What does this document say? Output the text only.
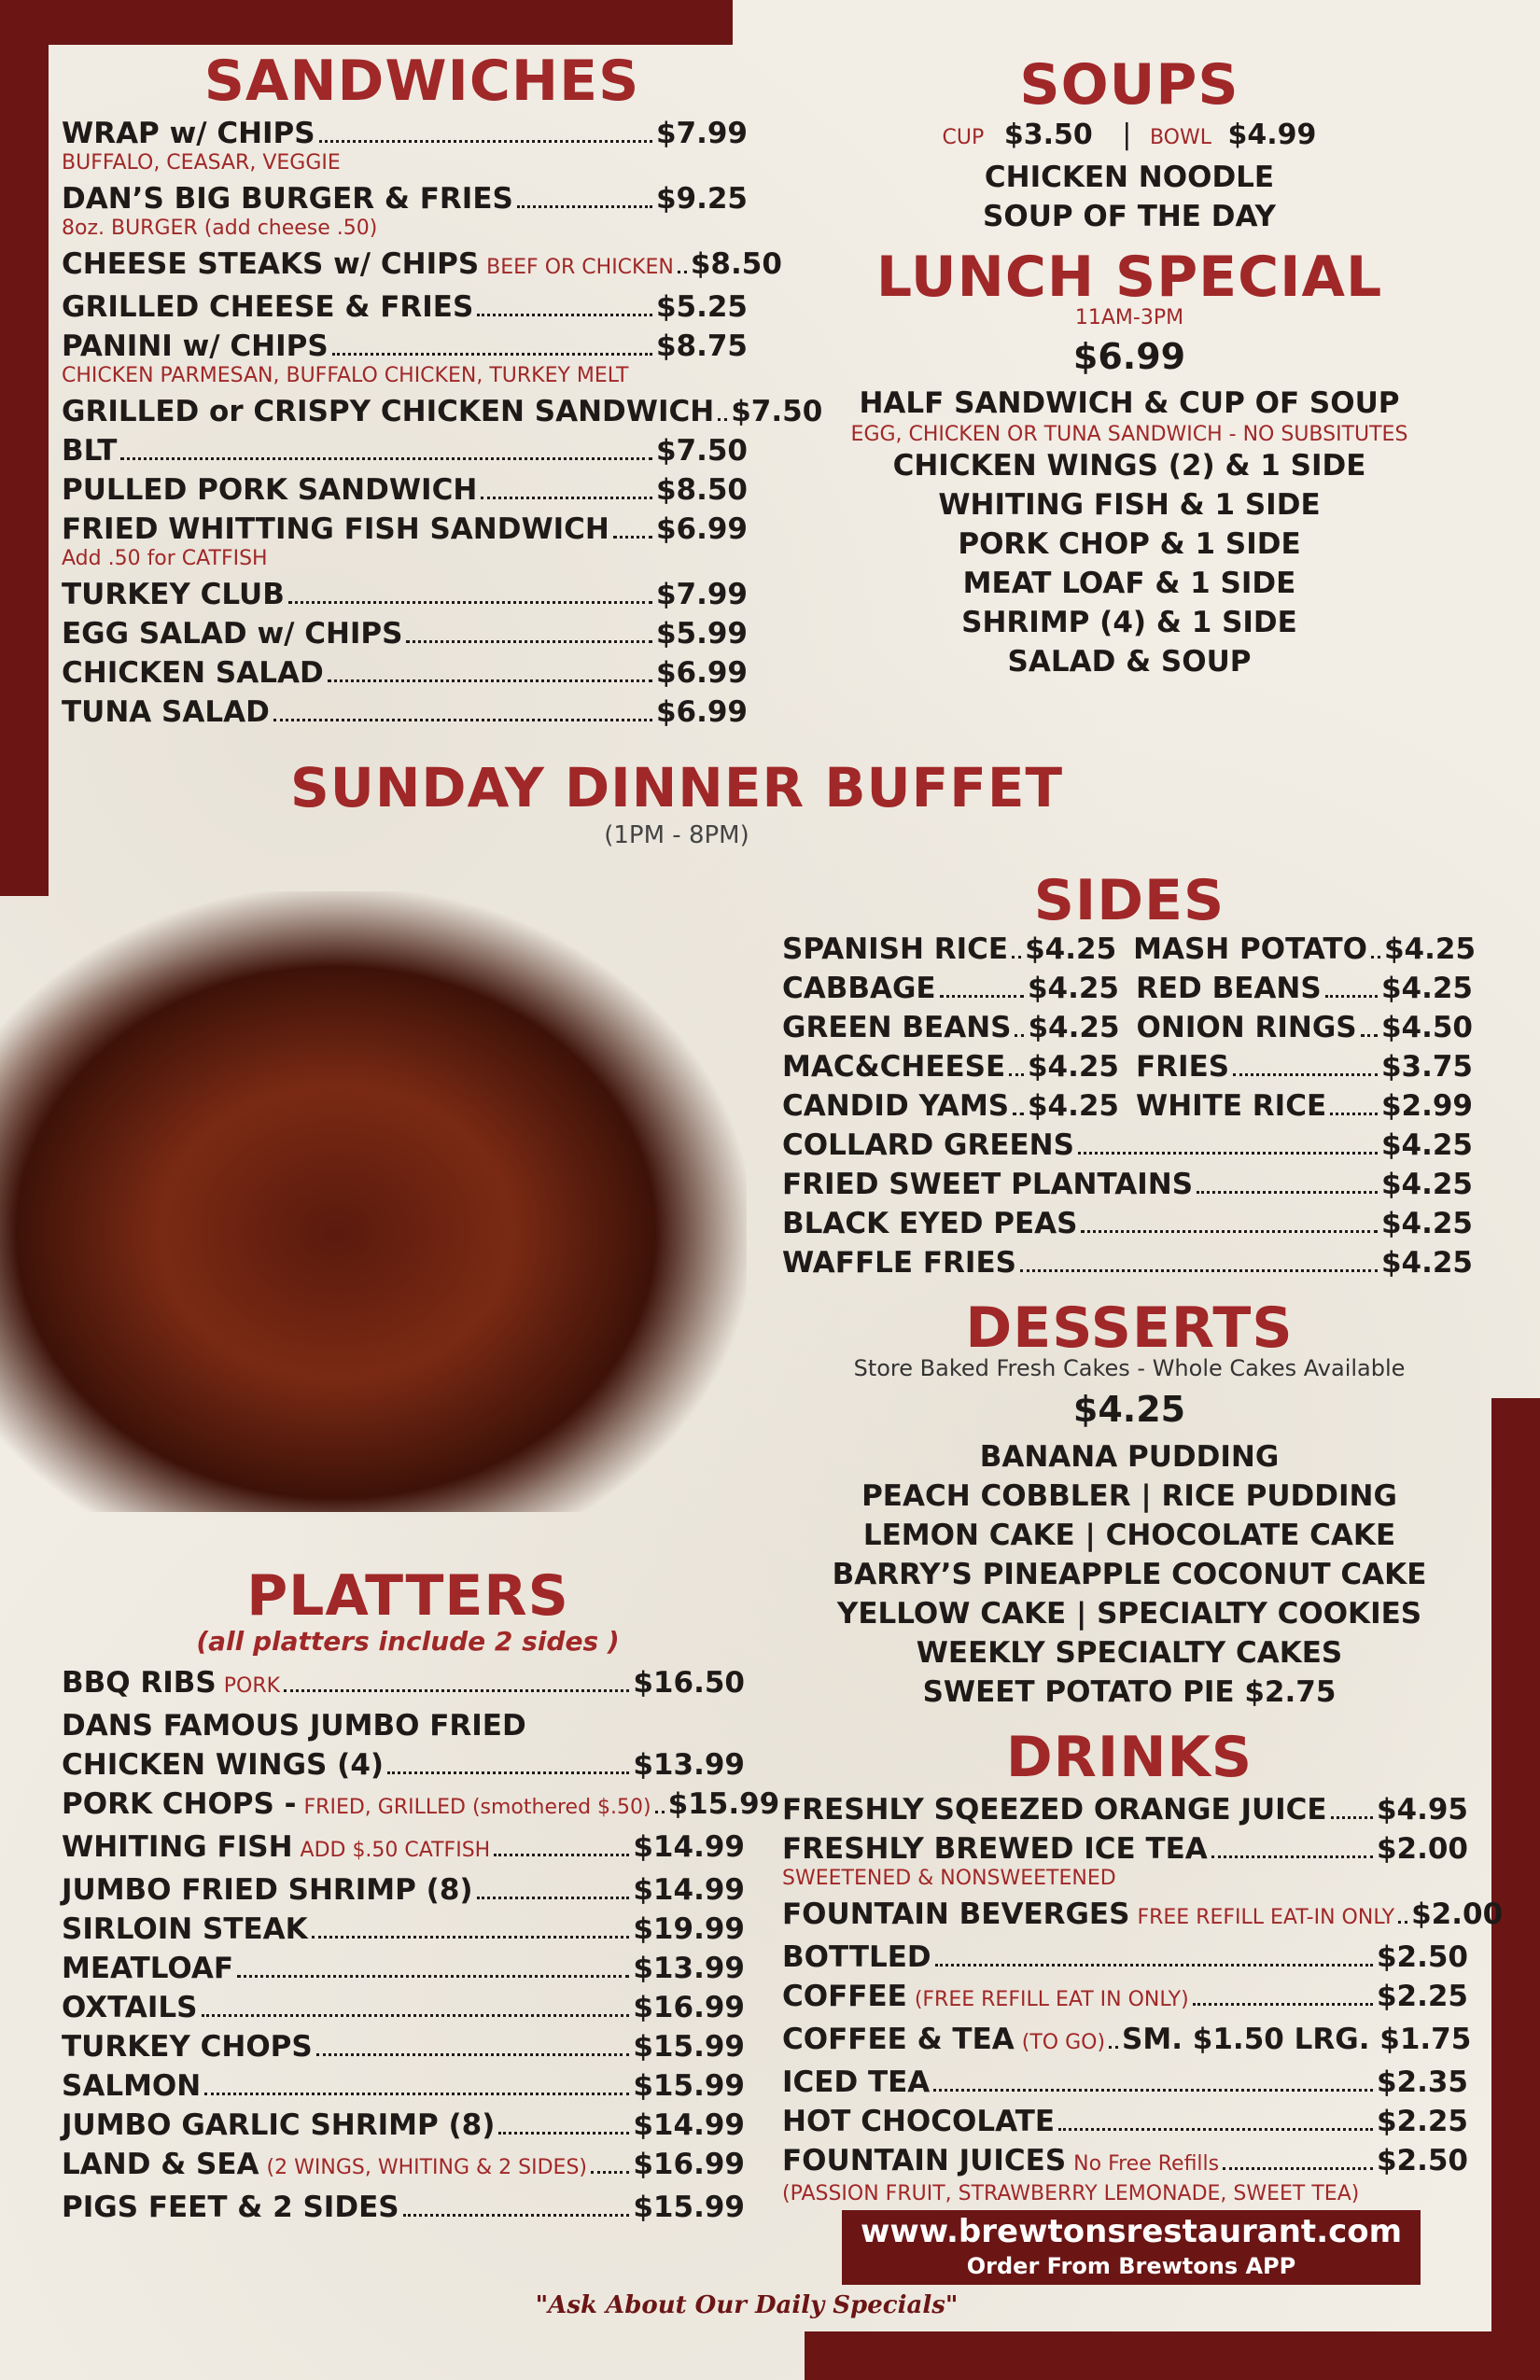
SANDWICHES
WRAP w/ CHIPS	$7.99
BUFFALO, CEASAR, VEGGIE
DAN’S BIG BURGER & FRIES	$9.25
8oz. BURGER (add cheese .50)
CHEESE STEAKS w/ CHIPS BEEF OR CHICKEN $8.50
GRILLED CHEESE & FRIES	$5.25
PANINI w/ CHIPS	$8.75
CHICKEN PARMESAN, BUFFALO CHICKEN, TURKEY MELT
GRILLED or CRISPY CHICKEN SANDWICH $7.50
BLT	$7.50
PULLED PORK SANDWICH	$8.50
FRIED WHITTING FISH SANDWICH $6.99
Add .50 for CATFISH
TURKEY CLUB	$7.99
EGG SALAD w/ CHIPS	$5.99
CHICKEN SALAD	$6.99
TUNA SALAD	$6.99
SOUPS
CUP $3.50 | BOWL $4.99
CHICKEN NOODLE
SOUP OF THE DAY
LUNCH SPECIAL
11AM-3PM
$6.99
HALF SANDWICH & CUP OF SOUP
EGG, CHICKEN OR TUNA SANDWICH - NO SUBSITUTES
CHICKEN WINGS (2) & 1 SIDE
WHITING FISH & 1 SIDE
PORK CHOP & 1 SIDE
MEAT LOAF & 1 SIDE
SHRIMP (4) & 1 SIDE
SALAD & SOUP
SUNDAY DINNER BUFFET
(1PM - 8PM)
SIDES
SPANISH RICE $4.25 MASH POTATO $4.25
CABBAGE	$4.25 RED BEANS $4.25
GREEN BEANS $4.25 ONION RINGS $4.50
MAC&CHEESE $4.25 FRIES	$3.75
CANDID YAMS $4.25 WHITE RICE $2.99
COLLARD GREENS	$4.25
FRIED SWEET PLANTAINS	$4.25
BLACK EYED PEAS	$4.25
WAFFLE FRIES	$4.25
DESSERTS
Store Baked Fresh Cakes - Whole Cakes Available
$4.25
BANANA PUDDING
PEACH COBBLER | RICE PUDDING
LEMON CAKE | CHOCOLATE CAKE
BARRY’S PINEAPPLE COCONUT CAKE
YELLOW CAKE | SPECIALTY COOKIES
WEEKLY SPECIALTY CAKES
SWEET POTATO PIE $2.75
PLATTERS
(all platters include 2 sides )
BBQ RIBS PORK	$16.50
DANS FAMOUS JUMBO FRIED
CHICKEN WINGS (4)	$13.99
PORK CHOPS - FRIED, GRILLED (smothered $.50) $15.99
WHITING FISH ADD $.50 CATFISH	$14.99
JUMBO FRIED SHRIMP (8)	$14.99
SIRLOIN STEAK	$19.99
MEATLOAF	$13.99
OXTAILS	$16.99
TURKEY CHOPS	$15.99
SALMON	$15.99
JUMBO GARLIC SHRIMP (8)	$14.99
LAND & SEA (2 WINGS, WHITING & 2 SIDES) $16.99
PIGS FEET & 2 SIDES	$15.99
DRINKS
FRESHLY SQEEZED ORANGE JUICE $4.95
FRESHLY BREWED ICE TEA	$2.00
SWEETENED & NONSWEETENED
FOUNTAIN BEVERGES FREE REFILL EAT-IN ONLY $2.00
BOTTLED	$2.50
COFFEE (FREE REFILL EAT IN ONLY)	$2.25
COFFEE & TEA (TO GO) SM. $1.50 LRG. $1.75
ICED TEA	$2.35
HOT CHOCOLATE	$2.25
FOUNTAIN JUICES No Free Refills	$2.50
(PASSION FRUIT, STRAWBERRY LEMONADE, SWEET TEA)
www.brewtonsrestaurant.com
Order From Brewtons APP
"Ask About Our Daily Specials"
